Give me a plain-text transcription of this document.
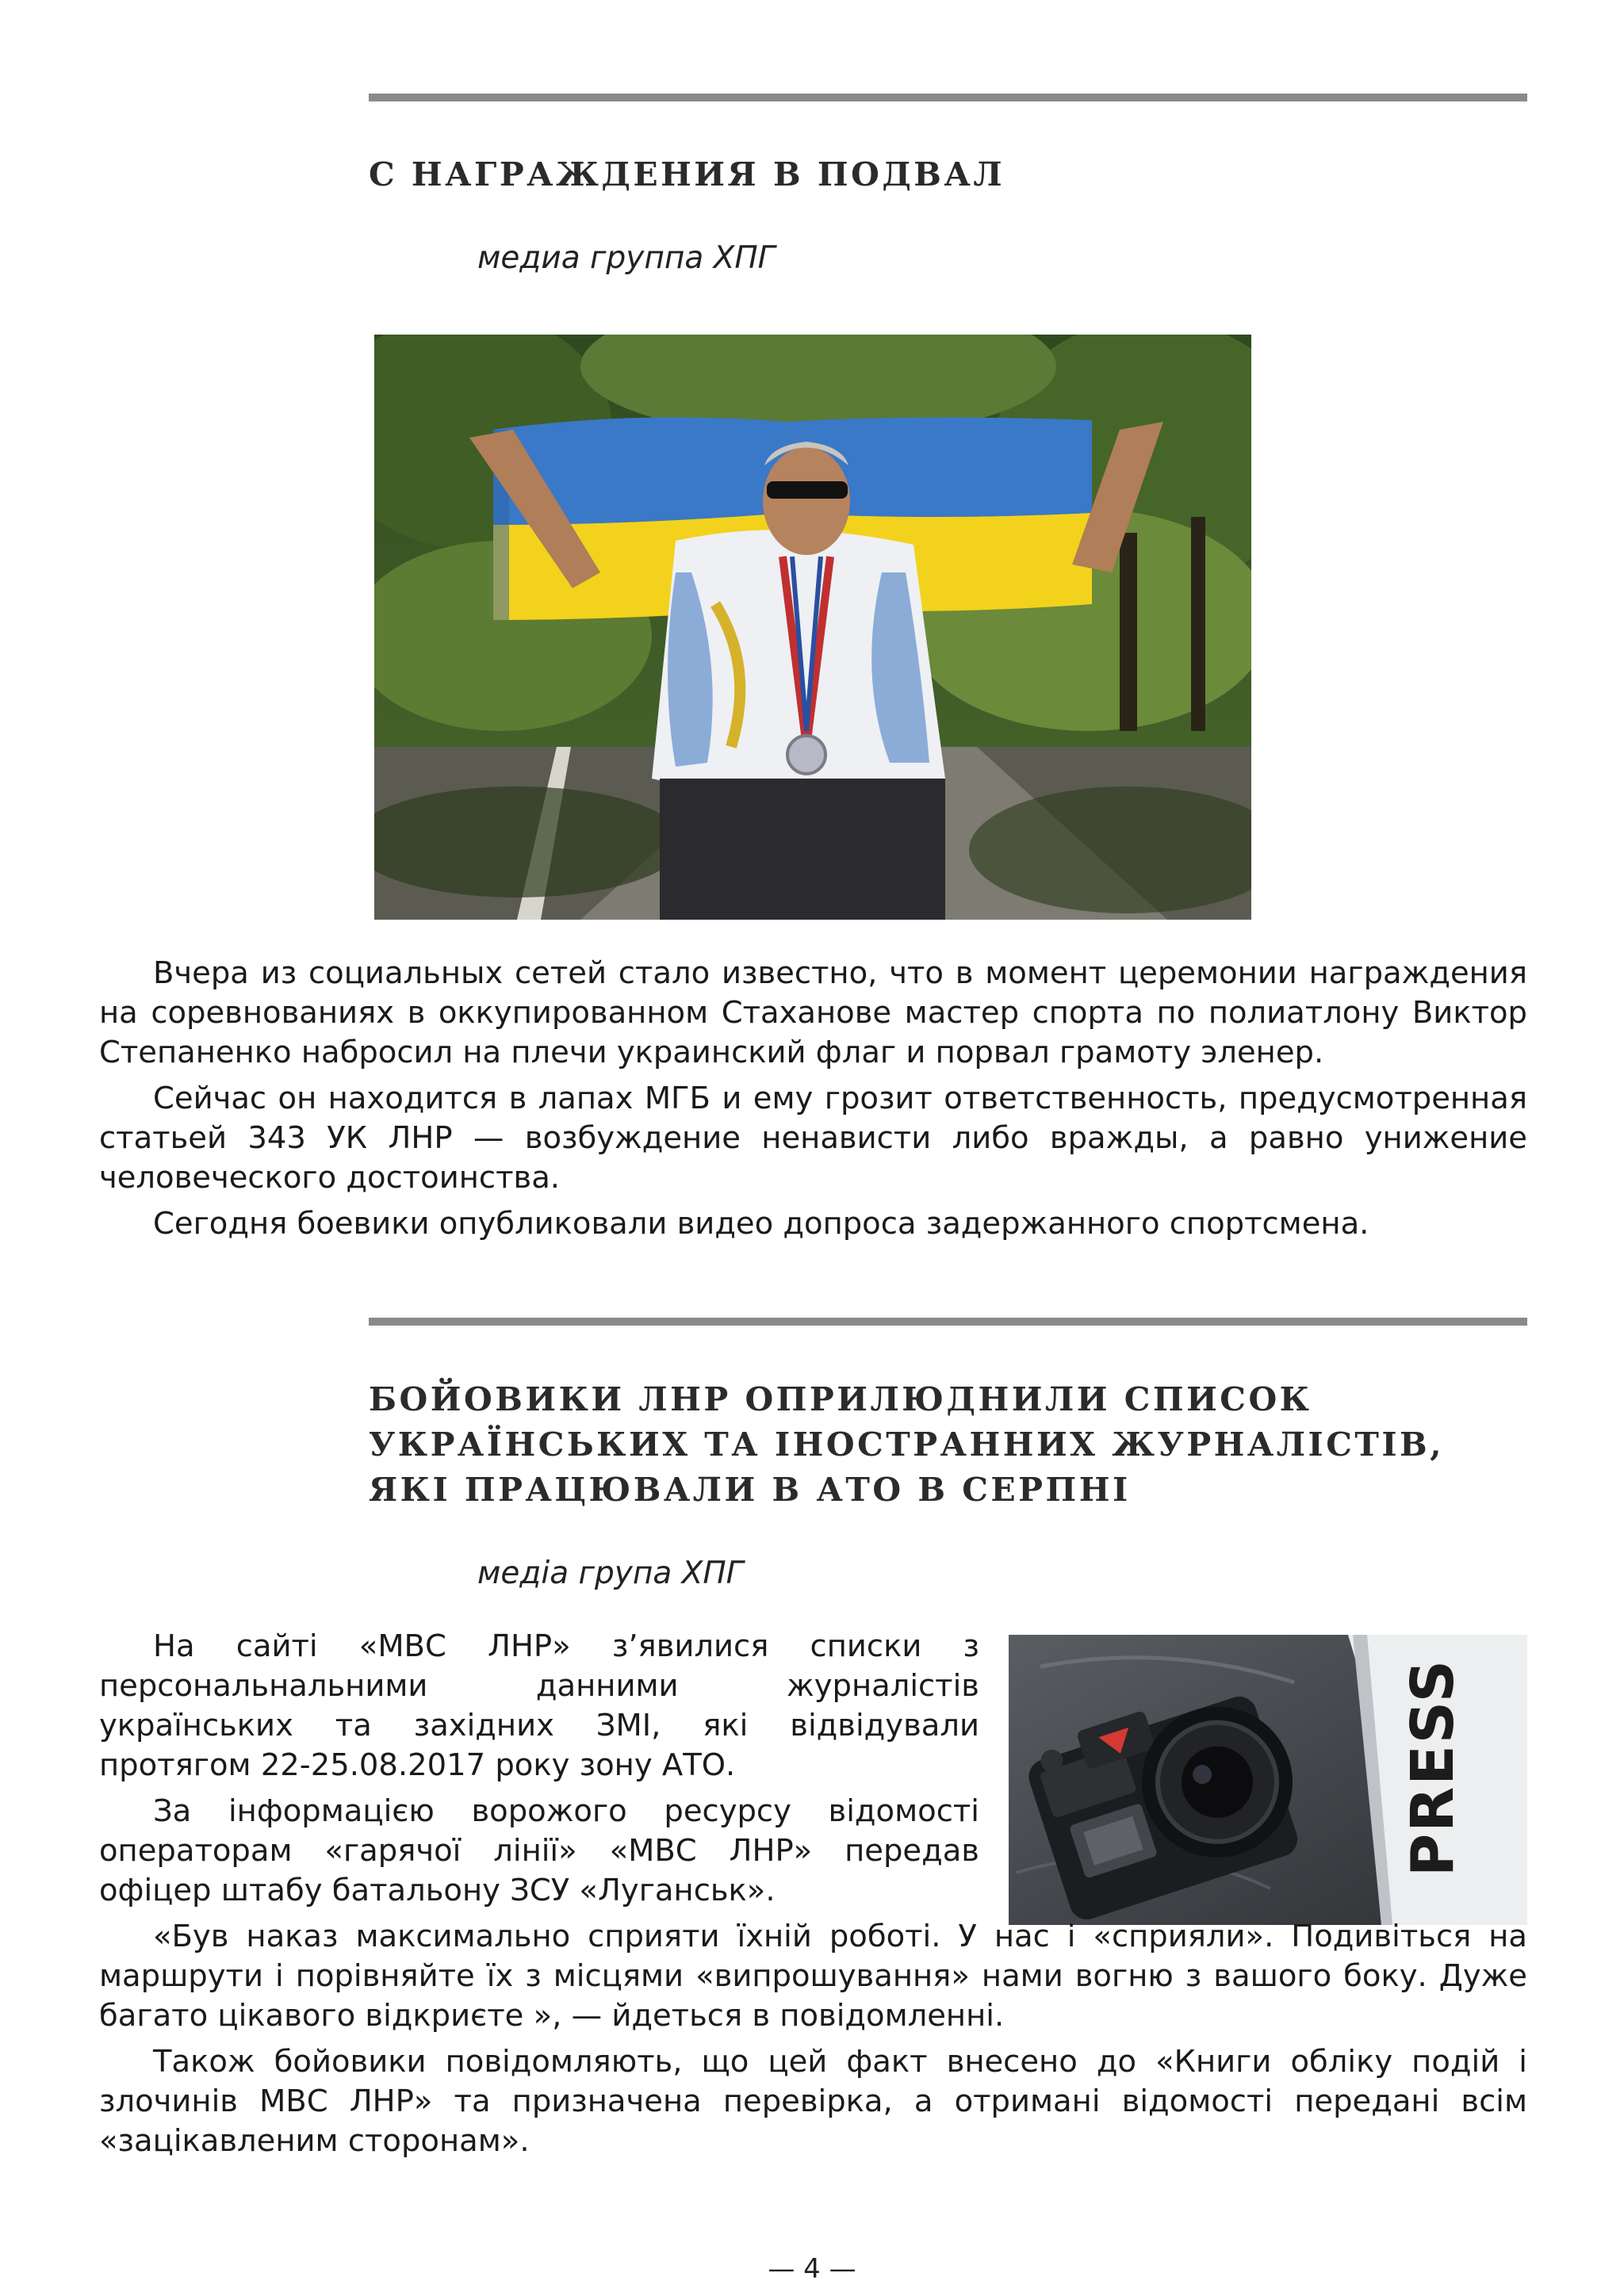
С НАГРАЖДЕНИЯ В ПОДВАЛ

медиа группа ХПГ

Вчера из социальных сетей стало известно, что в момент церемонии награждения на соревнованиях в оккупированном Стаханове мастер спорта по полиатлону Виктор Степаненко набросил на плечи украинский флаг и порвал грамоту эленер.

Сейчас он находится в лапах МГБ и ему грозит ответственность, предусмотренная статьей 343 УК ЛНР — возбуждение ненависти либо вражды, а равно унижение человеческого достоинства.

Сегодня боевики опубликовали видео допроса задержанного спортсмена.

БОЙОВИКИ ЛНР ОПРИЛЮДНИЛИ СПИСОК
УКРАЇНСЬКИХ ТА ІНОСТРАННИХ ЖУРНАЛІСТІВ,
ЯКІ ПРАЦЮВАЛИ В АТО В СЕРПНІ

медіа група ХПГ

PRESS

На сайті «МВС ЛНР» з’явилися списки з персональнальними данними журналістів українських та західних ЗМІ, які відвідували протягом 22-25.08.2017 року зону АТО.

За інформацією ворожого ресурсу відомості операторам «гарячої лінії» «МВС ЛНР» передав офіцер штабу батальону ЗСУ «Луганськ».

«Був наказ максимально сприяти їхній роботі. У нас і «сприяли». Подивіться на маршрути і порівняйте їх з місцями «випрошування» нами вогню з вашого боку. Дуже багато цікавого відкриєте », — йдеться в повідомленні.

Також бойовики повідомляють, що цей факт внесено до «Книги обліку подій і злочинів МВС ЛНР» та призначена перевірка, а отримані відомості передані всім «зацікавленим сторонам».

— 4 —
